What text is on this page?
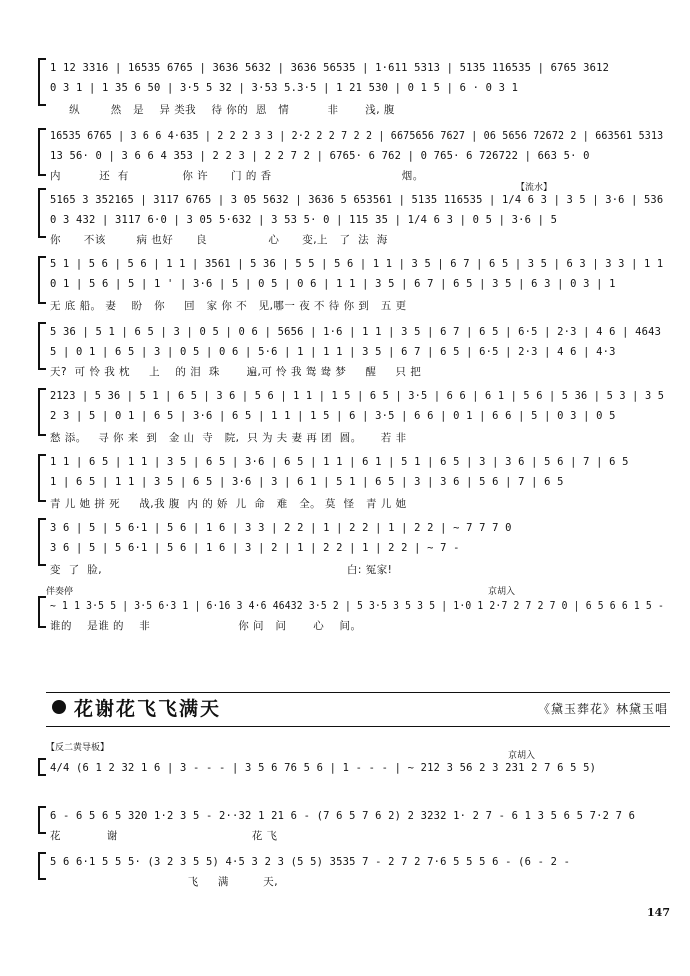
1 12 3316 | 16535 6765 | 3636 5632 | 3636 56535 | 1·611 5313 | 5135 116535 | 6765 3612
0 3 1 | 1 35 6 50 | 3·5 5 32 | 3·53 5.3·5 | 1 21 530 | 0 1 5 | 6 · 0 3 1
纵        然   是    异 类我    待 你的  恩   情          非       浅, 腹
16535 6765 | 3 6 6 4·635 | 2 2 2 3 3 | 2·2 2 2 7 2 2 | 6675656 7627 | 06 5656 72672 2 | 663561 5313
13 56· 0 | 3 6 6 4 353 | 2 2 3 | 2 2 7 2 | 6765· 6 762 | 0 765· 6 726722 | 663 5· 0
内          还  有              你 许      门 的 香                                  烟。
【流水】
5165 3 352165 | 3117 6765 | 3 05 5632 | 3636 5 653561 | 5135 116535 | 1/4 6 3 | 3 5 | 3·6 | 536
0 3 432 | 3117 6·0 | 3 05 5·632 | 3 53 5· 0 | 115 35 | 1/4 6 3 | 0 5 | 3·6 | 5
你      不该        病 也好      良                心      变,上   了  法  海
5 1 | 5 6 | 5 6 | 1 1 | 3561 | 5 36 | 5 5 | 5 6 | 1 1 | 3 5 | 6 7 | 6 5 | 3 5 | 6 3 | 3 3 | 1 1
0 1 | 5 6 | 5 | 1 ' | 3·6 | 5 | 0 5 | 0 6 | 1 1 | 3 5 | 6 7 | 6 5 | 3 5 | 6 3 | 0 3 | 1
无 底 船。 妻    盼   你     回   家 你 不   见,哪一 夜 不 待 你 到   五 更
5 36 | 5 1 | 6 5 | 3 | 0 5 | 0 6 | 5656 | 1·6 | 1 1 | 3 5 | 6 7 | 6 5 | 6·5 | 2·3 | 4 6 | 4643
5 | 0 1 | 6 5 | 3 | 0 5 | 0 6 | 5·6 | 1 | 1 1 | 3 5 | 6 7 | 6 5 | 6·5 | 2·3 | 4 6 | 4·3
天?  可 怜 我 枕     上    的 泪  珠       遍,可 怜 我 鸳 鸯 梦     醒     只 把
2123 | 5 36 | 5 1 | 6 5 | 3 6 | 5 6 | 1 1 | 1 5 | 6 5 | 3·5 | 6 6 | 6 1 | 5 6 | 5 36 | 5 3 | 3 5
2 3 | 5 | 0 1 | 6 5 | 3·6 | 6 5 | 1 1 | 1 5 | 6 | 3·5 | 6 6 | 0 1 | 6 6 | 5 | 0 3 | 0 5
愁 添。   寻 你 来  到   金 山  寺   院,  只 为 夫 妻 再 团  圆。     若 非
1 1 | 6 5 | 1 1 | 3 5 | 6 5 | 3·6 | 6 5 | 1 1 | 6 1 | 5 1 | 6 5 | 3 | 3 6 | 5 6 | 7 | 6 5
1 | 6 5 | 1 1 | 3 5 | 6 5 | 3·6 | 3 | 6 1 | 5 1 | 6 5 | 3 | 3 6 | 5 6 | 7 | 6 5
青 儿 她 拼 死     战,我 腹  内 的 娇  儿  命   难   全。 莫  怪   青 儿 她
3 6 | 5 | 5 6·1 | 5 6 | 1 6 | 3 3 | 2 2 | 1 | 2 2 | 1 | 2 2 | ~ 7 7 7 0
3 6 | 5 | 5 6·1 | 5 6 | 1 6 | 3 | 2 | 1 | 2 2 | 1 | 2 2 | ~ 7 -
变  了  脸,                                                                白: 冤家!
伴奏停	京胡入
~ 1 1 3·5 5 | 3·5 6·3 1 | 6·16 3 4·6 46432 3·5 2 | 5 3·5 3 5 3 5 | 1·0 1 2·7 2 7 2 7 0 | 6 5 6 6 1 5 -
谁的    是谁 的    非                       你 问   问       心    间。
花谢花飞飞满天	《黛玉葬花》林黛玉唱
【反二黄导板】
京胡入
4/4 (6 1 2 32 1 6 | 3 - - - | 3 5 6 76 5 6 | 1 - - - | ~ 212 3 56 2 3 231 2 7 6 5 5)
6 - 6 5 6 5 320 1·2 3 5 - 2··32 1 21 6 - (7 6 5 7 6 2) 2 3232 1· 2 7 - 6 1 3 5 6 5 7·2 7 6
花            谢                                   花 飞
5 6 6·1 5 5 5· (3 2 3 5 5) 4·5 3 2 3 (5 5) 3535 7 - 2 7 2 7·6 5 5 5 6 - (6 - 2 -
飞     满         天,
147
